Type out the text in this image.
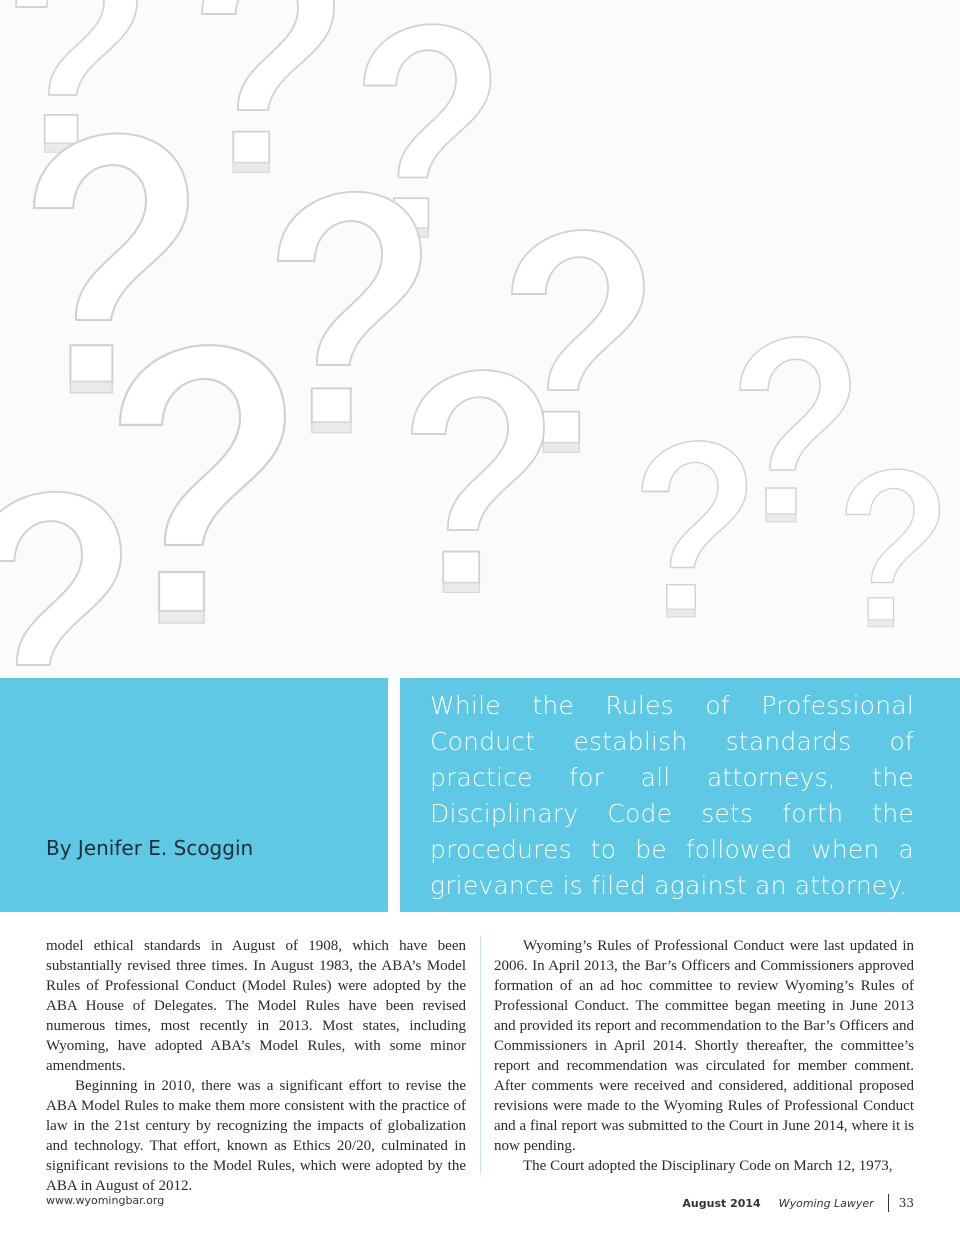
By Jenifer E. Scoggin

While the Rules of Professional Conduct establish standards of practice for all attorneys, the Disciplinary Code sets forth the procedures to be followed when a grievance is filed against an attorney.

model ethical standards in August of 1908, which have been substantially revised three times. In August 1983, the ABA’s Model Rules of Professional Conduct (Model Rules) were adopted by the ABA House of Delegates. The Model Rules have been revised numerous times, most recently in 2013. Most states, including Wyoming, have adopted ABA’s Model Rules, with some minor amendments.

Beginning in 2010, there was a significant effort to revise the ABA Model Rules to make them more consistent with the practice of law in the 21st century by recognizing the impacts of globalization and technology. That effort, known as Ethics 20/20, culminated in significant revisions to the Model Rules, which were adopted by the ABA in August of 2012.

Wyoming’s Rules of Professional Conduct were last updated in 2006. In April 2013, the Bar’s Officers and Commissioners approved formation of an ad hoc committee to review Wyoming’s Rules of Professional Conduct. The committee began meeting in June 2013 and provided its report and recommendation to the Bar’s Officers and Commissioners in April 2014. Shortly thereafter, the committee’s report and recommendation was circulated for member comment. After comments were received and considered, additional proposed revisions were made to the Wyoming Rules of Professional Conduct and a final report was submitted to the Court in June 2014, where it is now pending.

The Court adopted the Disciplinary Code on March 12, 1973,

www.wyomingbar.org	August 2014 Wyoming Lawyer 33
